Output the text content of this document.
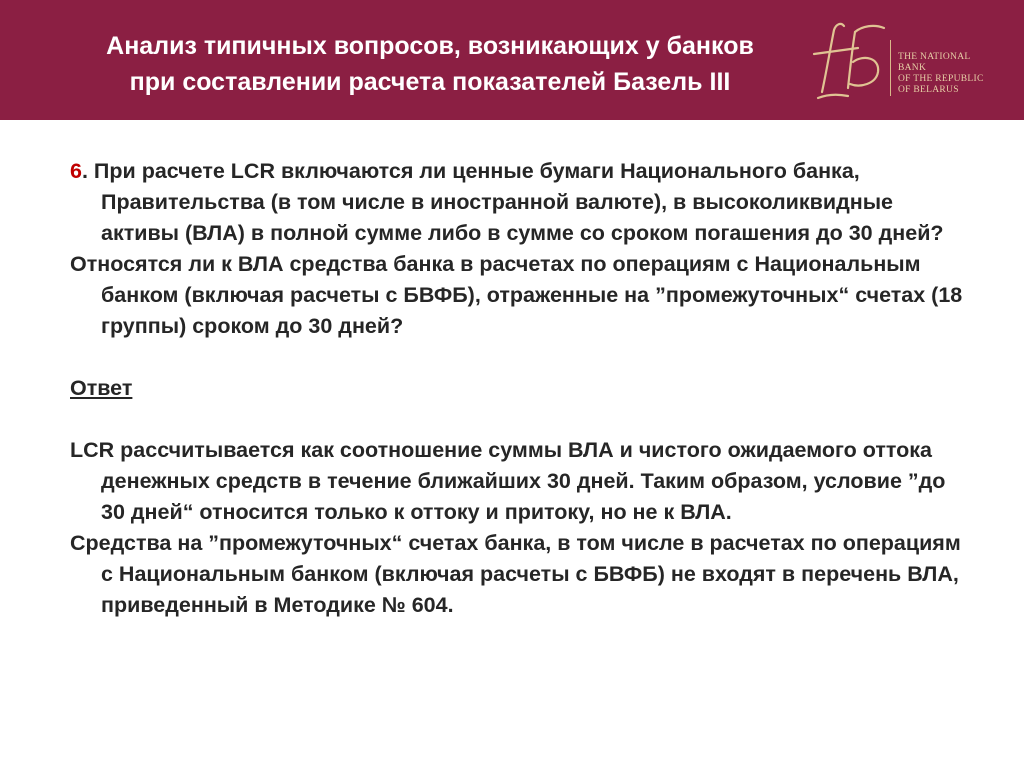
Анализ типичных вопросов, возникающих у банков
при составлении расчета показателей Базель III
НБ
THE NATIONAL
BANK
OF THE REPUBLIC
OF BELARUS

6. При расчете LCR включаются ли ценные бумаги Национального банка, Правительства (в том числе в иностранной валюте), в высоколиквидные активы (ВЛА) в полной сумме либо в сумме со сроком погашения до 30 дней?

Относятся ли к ВЛА средства банка в расчетах по операциям с Национальным банком (включая расчеты с БВФБ), отраженные на ”промежуточных“ счетах (18 группы) сроком до 30 дней?

Ответ

LCR рассчитывается как соотношение суммы ВЛА и чистого ожидаемого оттока денежных средств в течение ближайших 30 дней. Таким образом, условие ”до 30 дней“ относится только к оттоку и притоку, но не к ВЛА.

Средства на ”промежуточных“ счетах банка, в том числе в расчетах по операциям с Национальным банком (включая расчеты с БВФБ) не входят в перечень ВЛА, приведенный в Методике № 604.
